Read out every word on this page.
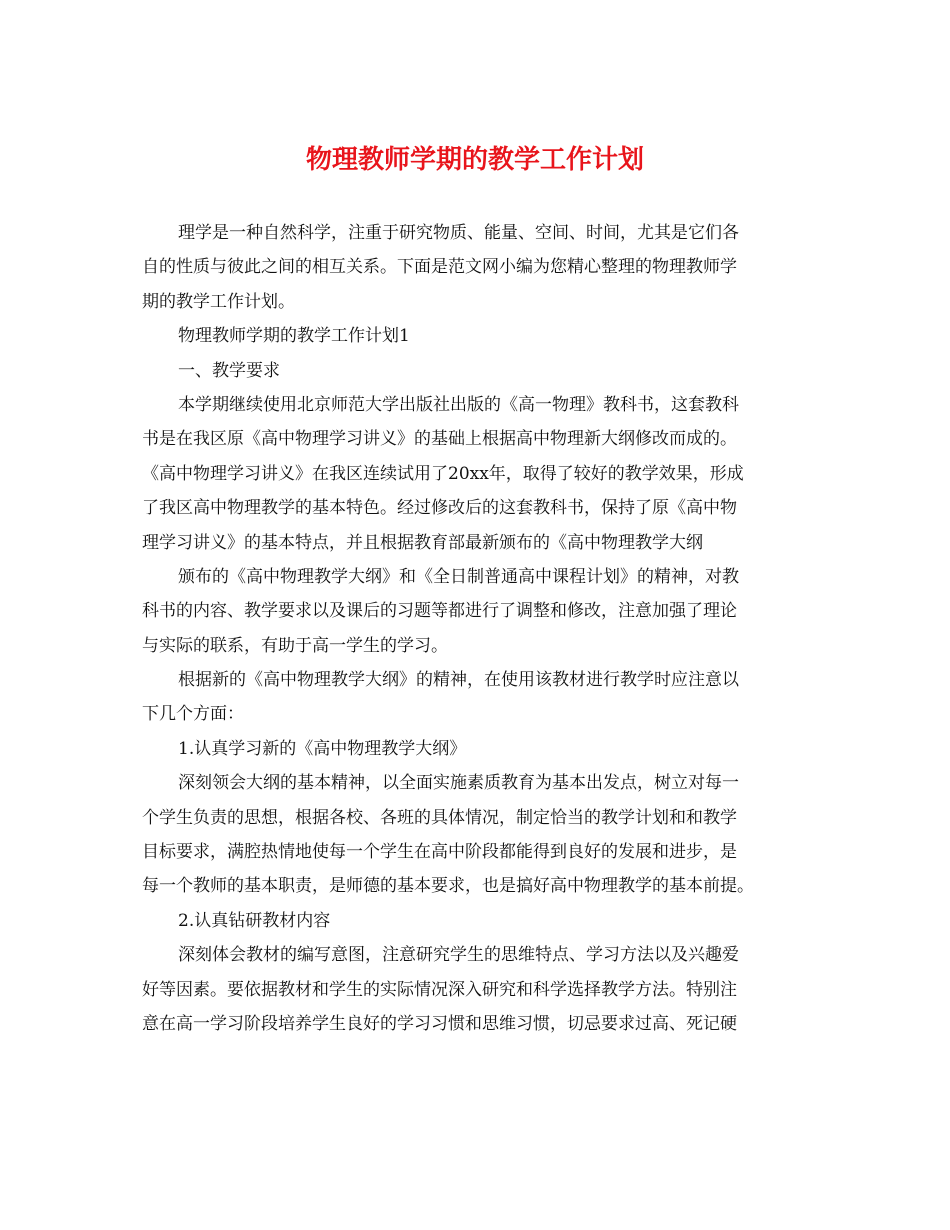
物理教师学期的教学工作计划

理学是一种自然科学，注重于研究物质、能量、空间、时间，尤其是它们各
自的性质与彼此之间的相互关系。下面是范文网小编为您精心整理的物理教师学
期的教学工作计划。

物理教师学期的教学工作计划1

一、教学要求

本学期继续使用北京师范大学出版社出版的《高一物理》教科书，这套教科
书是在我区原《高中物理学习讲义》的基础上根据高中物理新大纲修改而成的。
《高中物理学习讲义》在我区连续试用了20xx年，取得了较好的教学效果，形成
了我区高中物理教学的基本特色。经过修改后的这套教科书，保持了原《高中物
理学习讲义》的基本特点，并且根据教育部最新颁布的《高中物理教学大纲

颁布的《高中物理教学大纲》和《全日制普通高中课程计划》的精神，对教
科书的内容、教学要求以及课后的习题等都进行了调整和修改，注意加强了理论
与实际的联系，有助于高一学生的学习。

根据新的《高中物理教学大纲》的精神，在使用该教材进行教学时应注意以
下几个方面：

1.认真学习新的《高中物理教学大纲》

深刻领会大纲的基本精神，以全面实施素质教育为基本出发点，树立对每一
个学生负责的思想，根据各校、各班的具体情况，制定恰当的教学计划和和教学
目标要求，满腔热情地使每一个学生在高中阶段都能得到良好的发展和进步，是
每一个教师的基本职责，是师德的基本要求，也是搞好高中物理教学的基本前提。

2.认真钻研教材内容

深刻体会教材的编写意图，注意研究学生的思维特点、学习方法以及兴趣爱
好等因素。要依据教材和学生的实际情况深入研究和科学选择教学方法。特别注
意在高一学习阶段培养学生良好的学习习惯和思维习惯，切忌要求过高、死记硬
